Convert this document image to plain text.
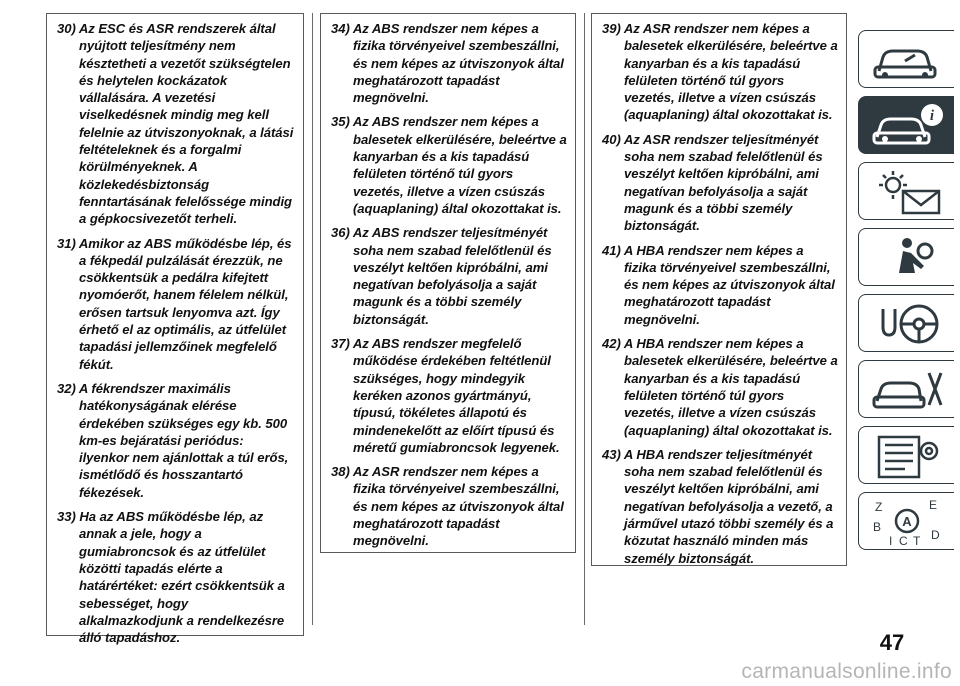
30) Az ESC és ASR rendszerek által nyújtott teljesítmény nem késztetheti a vezetőt szükségtelen és helytelen kockázatok vállalására. A vezetési viselkedésnek mindig meg kell felelnie az útviszonyoknak, a látási feltételeknek és a forgalmi körülményeknek. A közlekedésbiztonság fenntartásának felelőssége mindig a gépkocsivezetőt terheli.

31) Amikor az ABS működésbe lép, és a fékpedál pulzálását érezzük, ne csökkentsük a pedálra kifejtett nyomóerőt, hanem félelem nélkül, erősen tartsuk lenyomva azt. Így érhető el az optimális, az útfelület tapadási jellemzőinek megfelelő fékút.

32) A fékrendszer maximális hatékonyságának elérése érdekében szükséges egy kb. 500 km-es bejáratási periódus: ilyenkor nem ajánlottak a túl erős, ismétlődő és hosszantartó fékezések.

33) Ha az ABS működésbe lép, az annak a jele, hogy a gumiabroncsok és az útfelület közötti tapadás elérte a határértéket: ezért csökkentsük a sebességet, hogy alkalmazkodjunk a rendelkezésre álló tapadáshoz.

34) Az ABS rendszer nem képes a fizika törvényeivel szembeszállni, és nem képes az útviszonyok által meghatározott tapadást megnövelni.

35) Az ABS rendszer nem képes a balesetek elkerülésére, beleértve a kanyarban és a kis tapadású felületen történő túl gyors vezetés, illetve a vízen csúszás (aquaplaning) által okozottakat is.

36) Az ABS rendszer teljesítményét soha nem szabad felelőtlenül és veszélyt keltően kipróbálni, ami negatívan befolyásolja a saját magunk és a többi személy biztonságát.

37) Az ABS rendszer megfelelő működése érdekében feltétlenül szükséges, hogy mindegyik keréken azonos gyártmányú, típusú, tökéletes állapotú és mindenekelőtt az előírt típusú és méretű gumiabroncsok legyenek.

38) Az ASR rendszer nem képes a fizika törvényeivel szembeszállni, és nem képes az útviszonyok által meghatározott tapadást megnövelni.

39) Az ASR rendszer nem képes a balesetek elkerülésére, beleértve a kanyarban és a kis tapadású felületen történő túl gyors vezetés, illetve a vízen csúszás (aquaplaning) által okozottakat is.

40) Az ASR rendszer teljesítményét soha nem szabad felelőtlenül és veszélyt keltően kipróbálni, ami negatívan befolyásolja a saját magunk és a többi személy biztonságát.

41) A HBA rendszer nem képes a fizika törvényeivel szembeszállni, és nem képes az útviszonyok által meghatározott tapadást megnövelni.

42) A HBA rendszer nem képes a balesetek elkerülésére, beleértve a kanyarban és a kis tapadású felületen történő túl gyors vezetés, illetve a vízen csúszás (aquaplaning) által okozottakat is.

43) A HBA rendszer teljesítményét soha nem szabad felelőtlenül és veszélyt keltően kipróbálni, ami negatívan befolyásolja a vezető, a járművel utazó többi személy és a közutat használó minden más személy biztonságát.

i
Z	E
B
D
I C T
A
47
carmanualsonline.info
